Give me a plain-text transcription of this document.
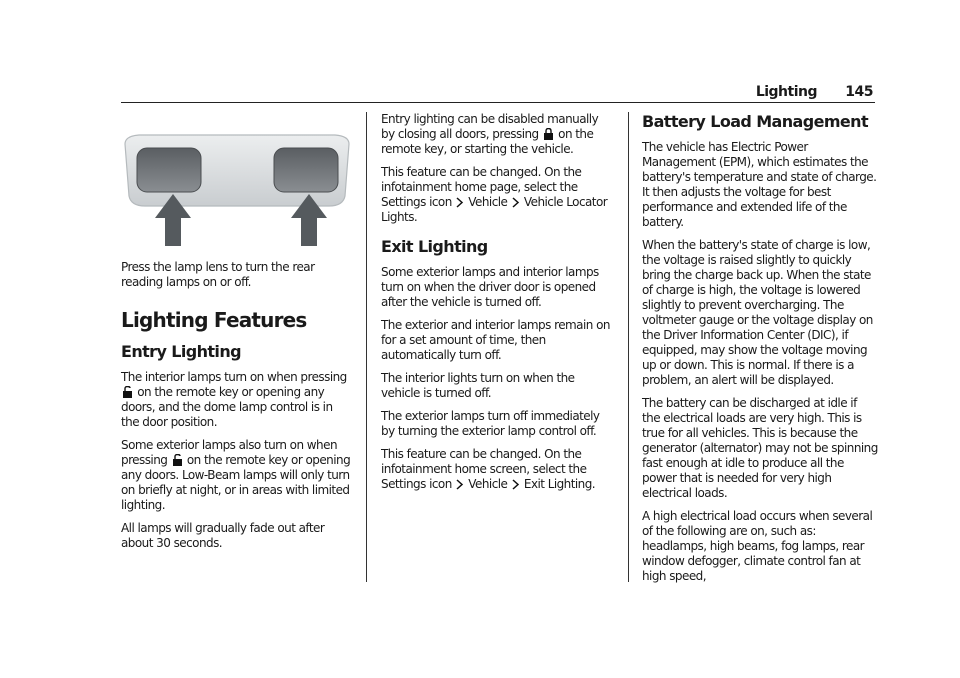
Lighting 145

Press the lamp lens to turn the rear reading lamps on or off.

Lighting Features
Entry Lighting

The interior lamps turn on when pressing  on the remote key or opening any doors, and the dome lamp control is in the door position.

Some exterior lamps also turn on when pressing on the remote key or opening any doors. Low-Beam lamps will only turn on briefly at night, or in areas with limited lighting.

All lamps will gradually fade out after about 30 seconds.

Entry lighting can be disabled manually by closing all doors, pressing on the remote key, or starting the vehicle.

This feature can be changed. On the infotainment home page, select the Settings icon Vehicle Vehicle Locator Lights.

Exit Lighting

Some exterior lamps and interior lamps turn on when the driver door is opened after the vehicle is turned off.

The exterior and interior lamps remain on for a set amount of time, then automatically turn off.

The interior lights turn on when the vehicle is turned off.

The exterior lamps turn off immediately by turning the exterior lamp control off.

This feature can be changed. On the infotainment home screen, select the Settings icon Vehicle Exit Lighting.

Battery Load Management

The vehicle has Electric Power Management (EPM), which estimates the battery's temperature and state of charge. It then adjusts the voltage for best performance and extended life of the battery.

When the battery's state of charge is low, the voltage is raised slightly to quickly bring the charge back up. When the state of charge is high, the voltage is lowered slightly to prevent overcharging. The voltmeter gauge or the voltage display on the Driver Information Center (DIC), if equipped, may show the voltage moving up or down. This is normal. If there is a problem, an alert will be displayed.

The battery can be discharged at idle if the electrical loads are very high. This is true for all vehicles. This is because the generator (alternator) may not be spinning fast enough at idle to produce all the power that is needed for very high electrical loads.

A high electrical load occurs when several of the following are on, such as: headlamps, high beams, fog lamps, rear window defogger, climate control fan at high speed,
